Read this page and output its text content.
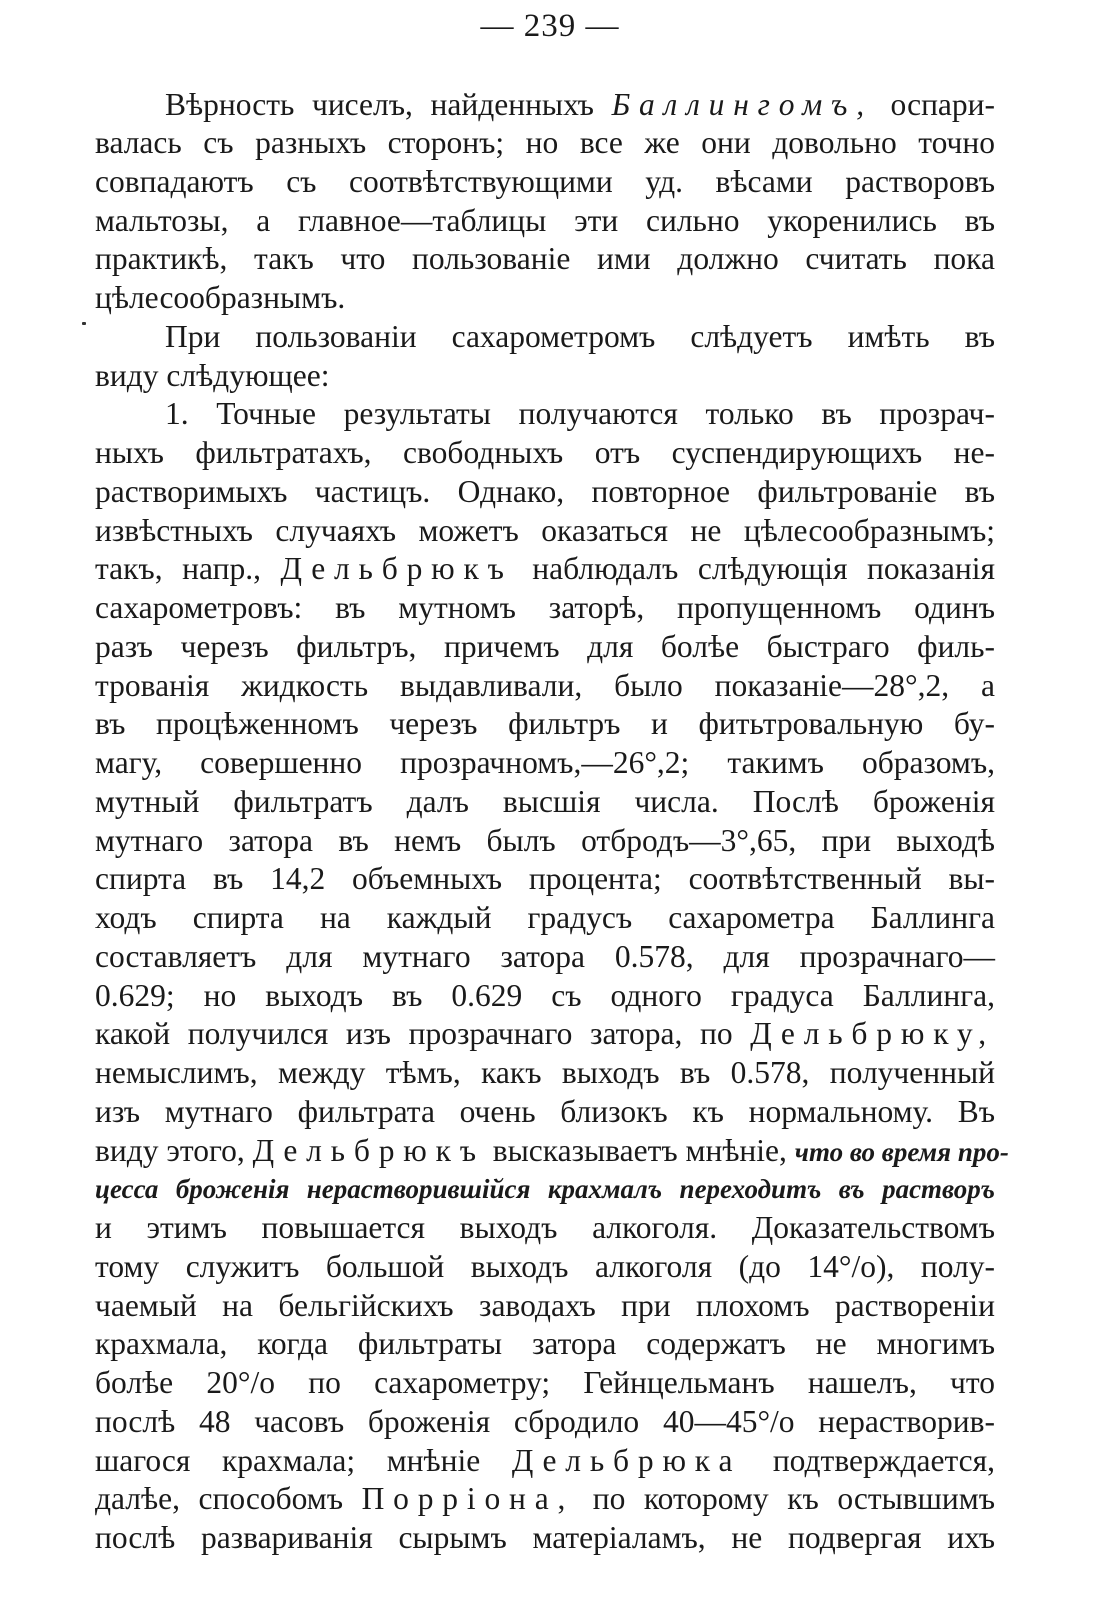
— 239 —
Вѣрность чиселъ, найденныхъ Баллингомъ, оспари-
валась съ разныхъ сторонъ; но все же они довольно точно
совпадаютъ съ соотвѣтствующими уд. вѣсами растворовъ
мальтозы, а главное—таблицы эти сильно укоренились въ
практикѣ, такъ что пользованіе ими должно считать пока
цѣлесообразнымъ.
При пользованіи сахарометромъ слѣдуетъ имѣть въ
виду слѣдующее:
1. Точные результаты получаются только въ прозрач-
ныхъ фильтратахъ, свободныхъ отъ суспендирующихъ не-
растворимыхъ частицъ. Однако, повторное фильтрованіе въ
извѣстныхъ случаяхъ можетъ оказаться не цѣлесообразнымъ;
такъ, напр., Дельбрюкъ наблюдалъ слѣдующія показанія
сахарометровъ: въ мутномъ заторѣ, пропущенномъ одинъ
разъ черезъ фильтръ, причемъ для болѣе быстраго филь-
трованія жидкость выдавливали, было показаніе—28°,2, а
въ процѣженномъ черезъ фильтръ и фитьтровальную бу-
магу, совершенно прозрачномъ,—26°,2; такимъ образомъ,
мутный фильтратъ далъ высшія числа. Послѣ броженія
мутнаго затора въ немъ былъ отбродъ—3°,65, при выходѣ
спирта въ 14,2 объемныхъ процента; соотвѣтственный вы-
ходъ спирта на каждый градусъ сахарометра Баллинга
составляетъ для мутнаго затора 0.578, для прозрачнаго—
0.629; но выходъ въ 0.629 съ одного градуса Баллинга,
какой получился изъ прозрачнаго затора, по Дельбрюку,
немыслимъ, между тѣмъ, какъ выходъ въ 0.578, полученный
изъ мутнаго фильтрата очень близокъ къ нормальному. Въ
виду этого, Дельбрюкъ высказываетъ мнѣніе, что во время про-
цесса броженія нерастворившійся крахмалъ переходитъ въ растворъ
и этимъ повышается выходъ алкоголя. Доказательствомъ
тому служитъ большой выходъ алкоголя (до 14°/о), полу-
чаемый на бельгійскихъ заводахъ при плохомъ раствореніи
крахмала, когда фильтраты затора содержатъ не многимъ
болѣе 20°/о по сахарометру; Гейнцельманъ нашелъ, что
послѣ 48 часовъ броженія сбродило 40—45°/о нерастворив-
шагося крахмала; мнѣніе Дельбрюка подтверждается,
далѣе, способомъ Порріона, по которому къ остывшимъ
послѣ развариванія сырымъ матеріаламъ, не подвергая ихъ
